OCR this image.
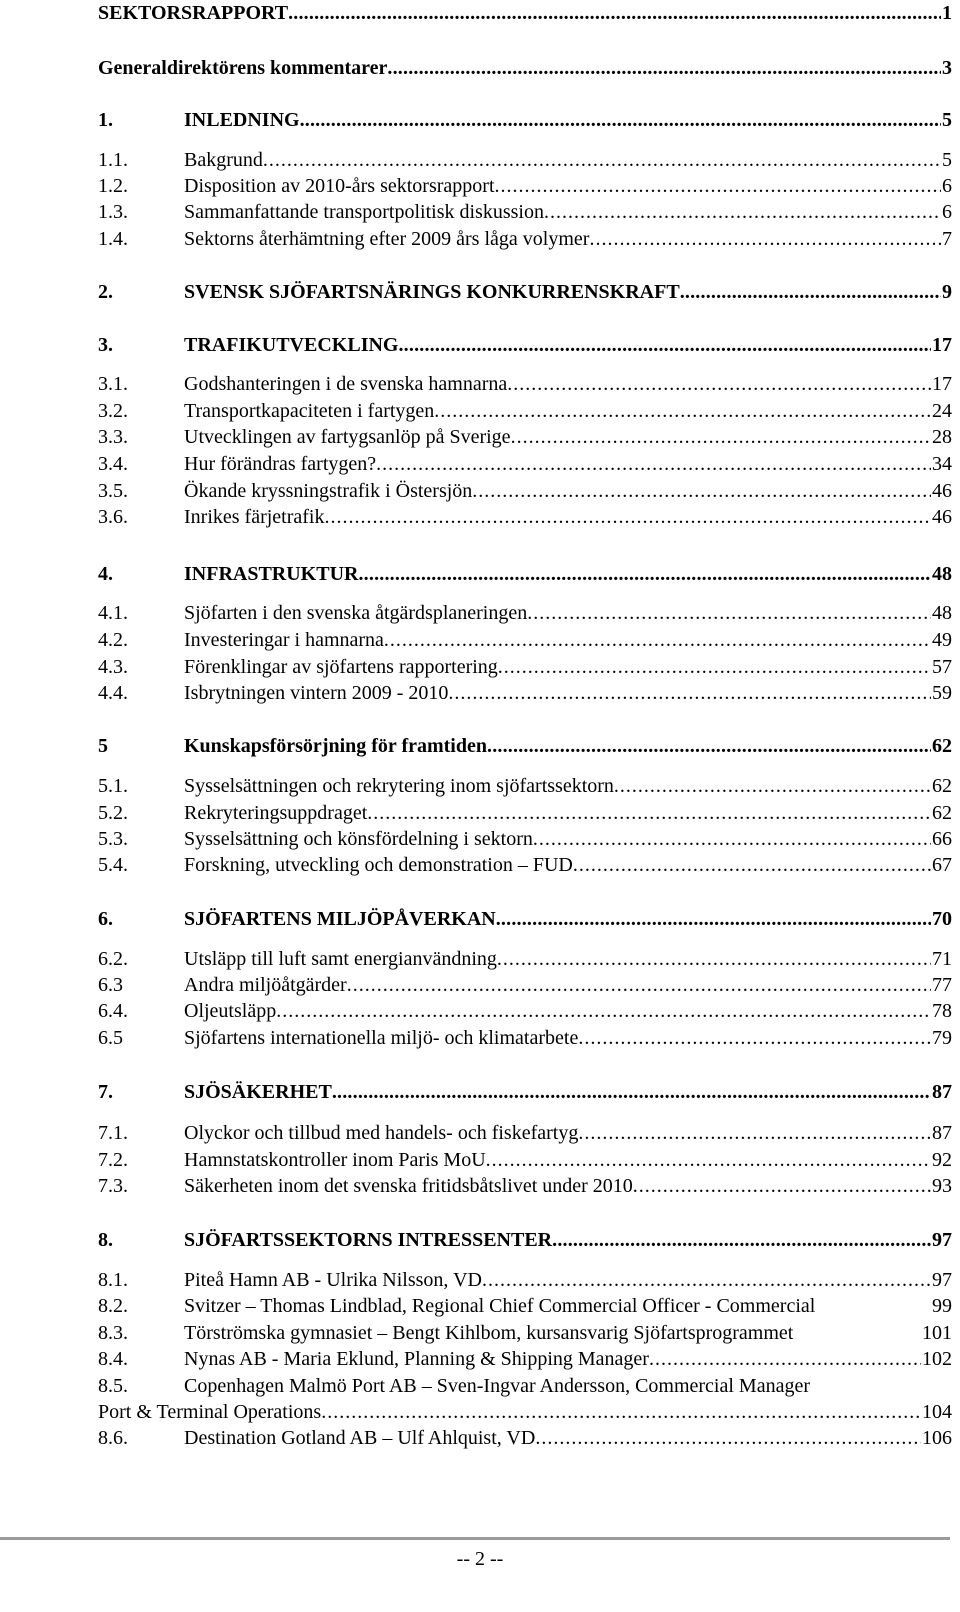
SEKTORSRAPPORT . . .	1
Generaldirektörens kommentarer . . .	3
1.	INLEDNING . . .	5
1.1.	Bakgrund . . .	5
1.2.	Disposition av 2010-års sektorsrapport . . .	6
1.3.	Sammanfattande transportpolitisk diskussion . . .	6
1.4.	Sektorns återhämtning efter 2009 års låga volymer . . .	7
2.	SVENSK SJÖFARTSNÄRINGS KONKURRENSKRAFT . . .	9
3.	TRAFIKUTVECKLING . . .	17
3.1.	Godshanteringen i de svenska hamnarna . . .	17
3.2.	Transportkapaciteten i fartygen . . .	24
3.3.	Utvecklingen av fartygsanlöp på Sverige . . .	28
3.4.	Hur förändras fartygen? . . .	34
3.5.	Ökande kryssningstrafik i Östersjön . . .	46
3.6.	Inrikes färjetrafik . . .	46
4.	INFRASTRUKTUR . . .	48
4.1.	Sjöfarten i den svenska åtgärdsplaneringen . . .	48
4.2.	Investeringar i hamnarna . . .	49
4.3.	Förenklingar av sjöfartens rapportering . . .	57
4.4.	Isbrytningen vintern 2009 - 2010 . . .	59
5	Kunskapsförsörjning för framtiden . . .	62
5.1.	Sysselsättningen och rekrytering inom sjöfartssektorn . . .	62
5.2.	Rekryteringsuppdraget . . .	62
5.3.	Sysselsättning och könsfördelning i sektorn . . .	66
5.4.	Forskning, utveckling och demonstration – FUD . . .	67
6.	SJÖFARTENS MILJÖPÅVERKAN . . .	70
6.2.	Utsläpp till luft samt energianvändning . . .	71
6.3	Andra miljöåtgärder . . .	77
6.4.	Oljeutsläpp . . .	78
6.5	Sjöfartens internationella miljö- och klimatarbete . . .	79
7.	SJÖSÄKERHET . . .	87
7.1.	Olyckor och tillbud med handels- och fiskefartyg . . .	87
7.2.	Hamnstatskontroller inom Paris MoU . . .	92
7.3.	Säkerheten inom det svenska fritidsbåtslivet under 2010 . . .	93
8.	SJÖFARTSSEKTORNS INTRESSENTER . . .	97
8.1.	Piteå Hamn AB - Ulrika Nilsson, VD . . .	97
8.2.	Svitzer – Thomas Lindblad, Regional Chief Commercial Officer - Commercial	99
8.3.	Törströmska gymnasiet – Bengt Kihlbom, kursansvarig Sjöfartsprogrammet	101
8.4.	Nynas AB - Maria Eklund, Planning & Shipping Manager . . .	102
8.5.	Copenhagen Malmö Port AB – Sven-Ingvar Andersson, Commercial Manager
Port & Terminal Operations . . .	104
8.6.	Destination Gotland AB – Ulf Ahlquist, VD . . .	106
-- 2 --
